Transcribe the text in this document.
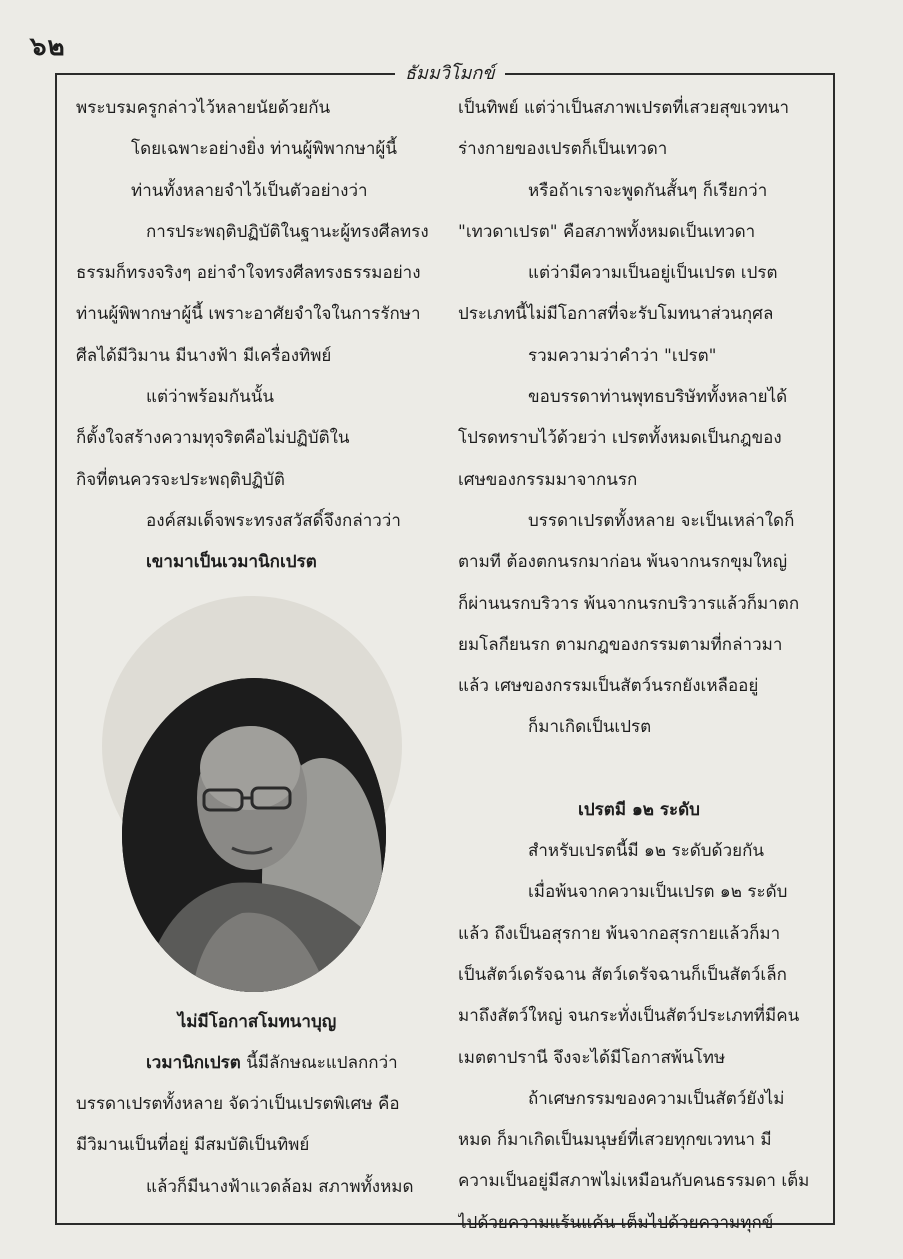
๖๒
ธัมมวิโมกข์
พระบรมครูกล่าวไว้หลายนัยด้วยกัน
โดยเฉพาะอย่างยิ่ง ท่านผู้พิพากษาผู้นี้
ท่านทั้งหลายจำไว้เป็นตัวอย่างว่า
การประพฤติปฏิบัติในฐานะผู้ทรงศีลทรง
ธรรมก็ทรงจริงๆ อย่าจำใจทรงศีลทรงธรรมอย่าง
ท่านผู้พิพากษาผู้นี้ เพราะอาศัยจำใจในการรักษา
ศีลได้มีวิมาน มีนางฟ้า มีเครื่องทิพย์
แต่ว่าพร้อมกันนั้น
ก็ตั้งใจสร้างความทุจริตคือไม่ปฏิบัติใน
กิจที่ตนควรจะประพฤติปฏิบัติ
องค์สมเด็จพระทรงสวัสดิ์จึงกล่าวว่า
เขามาเป็นเวมานิกเปรต
ไม่มีโอกาสโมทนาบุญ
เวมานิกเปรต นี้มีลักษณะแปลกกว่า
บรรดาเปรตทั้งหลาย จัดว่าเป็นเปรตพิเศษ คือ
มีวิมานเป็นที่อยู่ มีสมบัติเป็นทิพย์
แล้วก็มีนางฟ้าแวดล้อม สภาพทั้งหมด
เป็นทิพย์ แต่ว่าเป็นสภาพเปรตที่เสวยสุขเวทนา
ร่างกายของเปรตก็เป็นเทวดา
หรือถ้าเราจะพูดกันสั้นๆ ก็เรียกว่า
"เทวดาเปรต" คือสภาพทั้งหมดเป็นเทวดา
แต่ว่ามีความเป็นอยู่เป็นเปรต เปรต
ประเภทนี้ไม่มีโอกาสที่จะรับโมทนาส่วนกุศล
รวมความว่าคำว่า "เปรต"
ขอบรรดาท่านพุทธบริษัททั้งหลายได้
โปรดทราบไว้ด้วยว่า เปรตทั้งหมดเป็นกฎของ
เศษของกรรมมาจากนรก
บรรดาเปรตทั้งหลาย จะเป็นเหล่าใดก็
ตามที ต้องตกนรกมาก่อน พ้นจากนรกขุมใหญ่
ก็ผ่านนรกบริวาร พ้นจากนรกบริวารแล้วก็มาตก
ยมโลกียนรก ตามกฎของกรรมตามที่กล่าวมา
แล้ว เศษของกรรมเป็นสัตว์นรกยังเหลืออยู่
ก็มาเกิดเป็นเปรต
เปรตมี ๑๒ ระดับ
สำหรับเปรตนี้มี ๑๒ ระดับด้วยกัน
เมื่อพ้นจากความเป็นเปรต ๑๒ ระดับ
แล้ว ถึงเป็นอสุรกาย พ้นจากอสุรกายแล้วก็มา
เป็นสัตว์เดรัจฉาน สัตว์เดรัจฉานก็เป็นสัตว์เล็ก
มาถึงสัตว์ใหญ่ จนกระทั่งเป็นสัตว์ประเภทที่มีคน
เมตตาปรานี จึงจะได้มีโอกาสพ้นโทษ
ถ้าเศษกรรมของความเป็นสัตว์ยังไม่
หมด ก็มาเกิดเป็นมนุษย์ที่เสวยทุกขเวทนา มี
ความเป็นอยู่มีสภาพไม่เหมือนกับคนธรรมดา เต็ม
ไปด้วยความแร้นแค้น เต็มไปด้วยความทุกข์
